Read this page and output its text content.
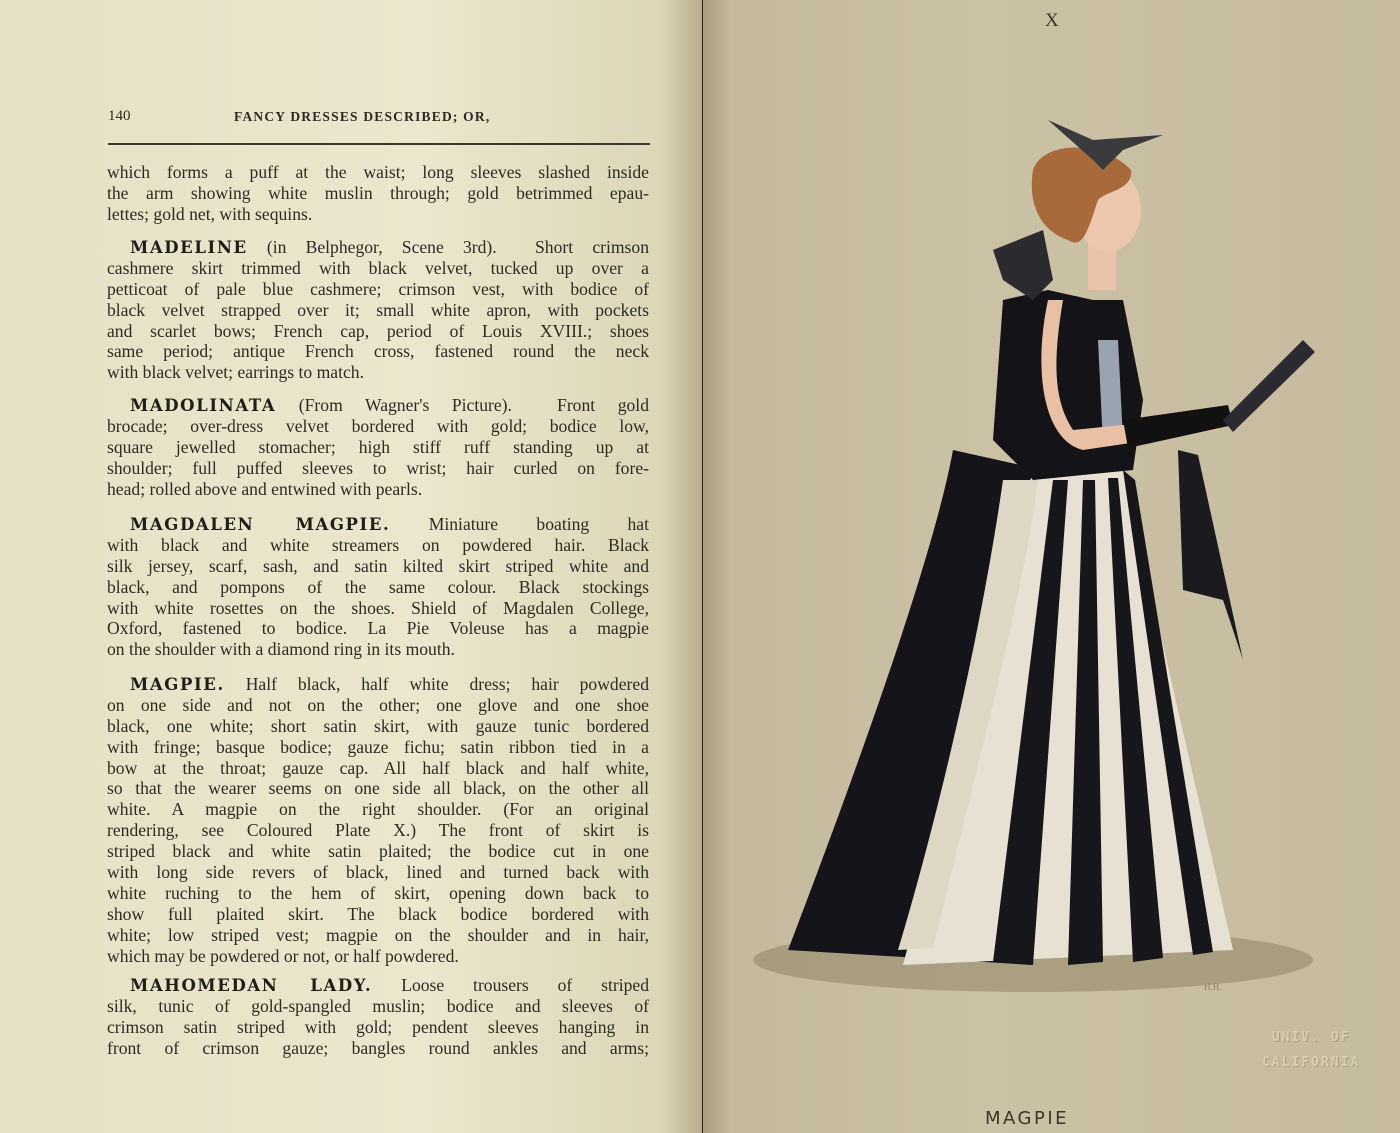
140	FANCY DRESSES DESCRIBED; OR,
which forms a puff at the waist; long sleeves slashed inside
the arm showing white muslin through; gold betrimmed epau-
lettes; gold net, with sequins.
MADELINE (in Belphegor, Scene 3rd).  Short crimson
cashmere skirt trimmed with black velvet, tucked up over a
petticoat of pale blue cashmere; crimson vest, with bodice of
black velvet strapped over it; small white apron, with pockets
and scarlet bows; French cap, period of Louis XVIII.; shoes
same period; antique French cross, fastened round the neck
with black velvet; earrings to match.
MADOLINATA (From Wagner's Picture).  Front gold
brocade; over-dress velvet bordered with gold; bodice low,
square jewelled stomacher; high stiff ruff standing up at
shoulder; full puffed sleeves to wrist; hair curled on fore-
head; rolled above and entwined with pearls.
MAGDALEN MAGPIE. Miniature boating hat
with black and white streamers on powdered hair. Black
silk jersey, scarf, sash, and satin kilted skirt striped white and
black, and pompons of the same colour. Black stockings
with white rosettes on the shoes. Shield of Magdalen College,
Oxford, fastened to bodice. La Pie Voleuse has a magpie
on the shoulder with a diamond ring in its mouth.
MAGPIE. Half black, half white dress; hair powdered
on one side and not on the other; one glove and one shoe
black, one white; short satin skirt, with gauze tunic bordered
with fringe; basque bodice; gauze fichu; satin ribbon tied in a
bow at the throat; gauze cap. All half black and half white,
so that the wearer seems on one side all black, on the other all
white. A magpie on the right shoulder. (For an original
rendering, see Coloured Plate X.) The front of skirt is
striped black and white satin plaited; the bodice cut in one
with long side revers of black, lined and turned back with
white ruching to the hem of skirt, opening down back to
show full plaited skirt. The black bodice bordered with
white; low striped vest; magpie on the shoulder and in hair,
which may be powdered or not, or half powdered.
MAHOMEDAN LADY. Loose trousers of striped
silk, tunic of gold-spangled muslin; bodice and sleeves of
crimson satin striped with gold; pendent sleeves hanging in
front of crimson gauze; bangles round ankles and arms;
X
H.H.
UNIV. OF
CALIFORNIA
MAGPIE
